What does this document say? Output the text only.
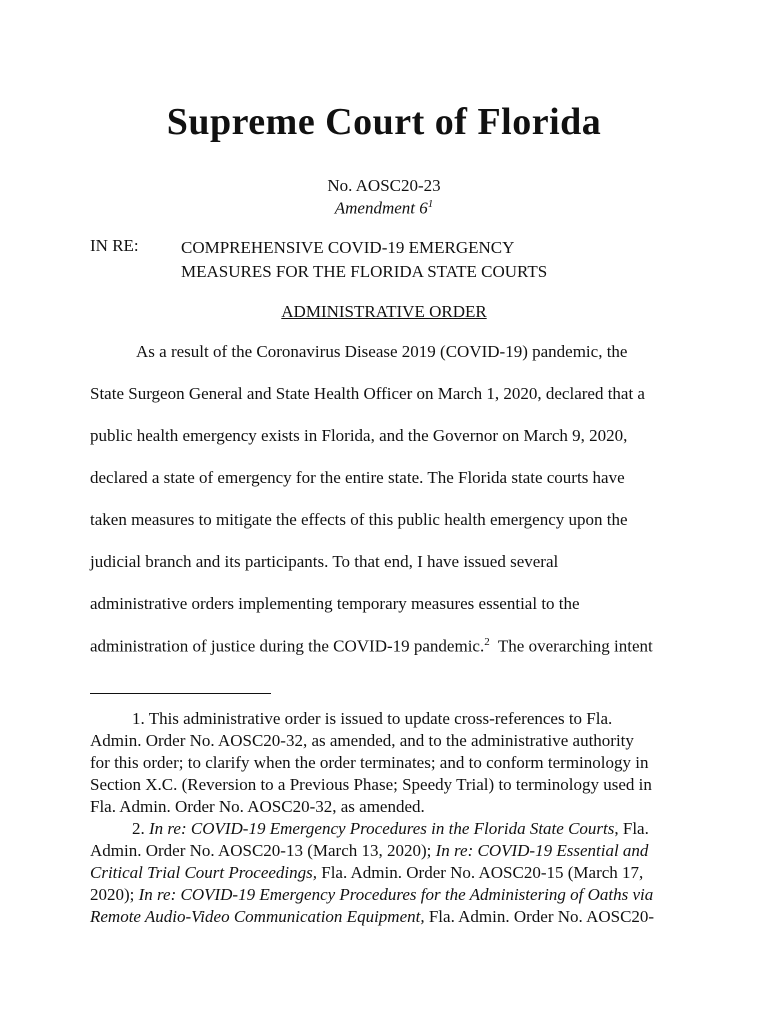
Supreme Court of Florida
No. AOSC20-23
Amendment $6^1$
IN RE: COMPREHENSIVE COVID-19 EMERGENCY
MEASURES FOR THE FLORIDA STATE COURTS
ADMINISTRATIVE ORDER
As a result of the Coronavirus Disease 2019 (COVID-19) pandemic, the
State Surgeon General and State Health Officer on March 1, 2020, declared that a
public health emergency exists in Florida, and the Governor on March 9, 2020,
declared a state of emergency for the entire state. The Florida state courts have
taken measures to mitigate the effects of this public health emergency upon the
judicial branch and its participants. To that end, I have issued several
administrative orders implementing temporary measures essential to the
administration of justice during the COVID-19 pandemic.$^2$  The overarching intent
1. This administrative order is issued to update cross-references to Fla.
Admin. Order No. AOSC20-32, as amended, and to the administrative authority
for this order; to clarify when the order terminates; and to conform terminology in
Section X.C. (Reversion to a Previous Phase; Speedy Trial) to terminology used in
Fla. Admin. Order No. AOSC20-32, as amended.
2. In re: COVID-19 Emergency Procedures in the Florida State Courts, Fla.
Admin. Order No. AOSC20-13 (March 13, 2020); In re: COVID-19 Essential and
Critical Trial Court Proceedings, Fla. Admin. Order No. AOSC20-15 (March 17,
2020); In re: COVID-19 Emergency Procedures for the Administering of Oaths via
Remote Audio-Video Communication Equipment, Fla. Admin. Order No. AOSC20-
